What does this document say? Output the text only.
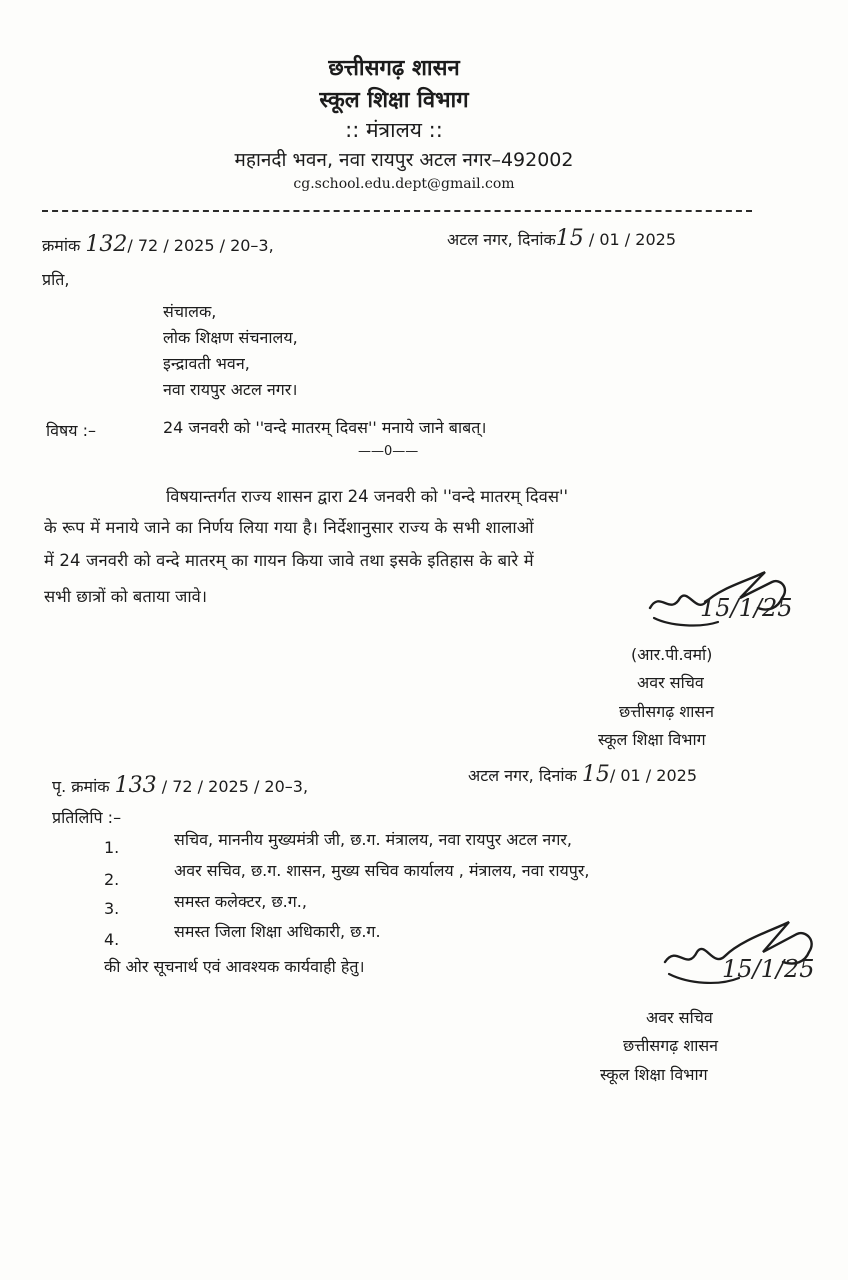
छत्तीसगढ़ शासन
स्कूल शिक्षा विभाग
:: मंत्रालय ::
महानदी भवन, नवा रायपुर अटल नगर–492002
cg.school.edu.dept@gmail.com
क्रमांक 132/ 72 / 2025 / 20–3,	अटल नगर, दिनांक15 / 01 / 2025
प्रति,
संचालक,
लोक शिक्षण संचनालय,
इन्द्रावती भवन,
नवा रायपुर अटल नगर।
विषय :–	24 जनवरी को ''वन्दे मातरम् दिवस'' मनाये जाने बाबत्।
——0——
विषयान्तर्गत राज्य शासन द्वारा 24 जनवरी को ''वन्दे मातरम् दिवस''
के रूप में मनाये जाने का निर्णय लिया गया है। निर्देशानुसार राज्य के सभी शालाओं
में 24 जनवरी को वन्दे मातरम् का गायन किया जावे तथा इसके इतिहास के बारे में
सभी छात्रों को बताया जावे।	15/1/25
(आर.पी.वर्मा)
अवर सचिव
छत्तीसगढ़ शासन
स्कूल शिक्षा विभाग
पृ. क्रमांक 133 / 72 / 2025 / 20–3,
अटल नगर, दिनांक 15/ 01 / 2025
प्रतिलिपि :–
1.	सचिव, माननीय मुख्यमंत्री जी, छ.ग. मंत्रालय, नवा रायपुर अटल नगर,
2.	अवर सचिव, छ.ग. शासन, मुख्य सचिव कार्यालय , मंत्रालय, नवा रायपुर,
3.	समस्त कलेक्टर, छ.ग.,
4.	समस्त जिला शिक्षा अधिकारी, छ.ग.
की ओर सूचनार्थ एवं आवश्यक कार्यवाही हेतु।	15/1/25
अवर सचिव
छत्तीसगढ़ शासन
स्कूल शिक्षा विभाग
